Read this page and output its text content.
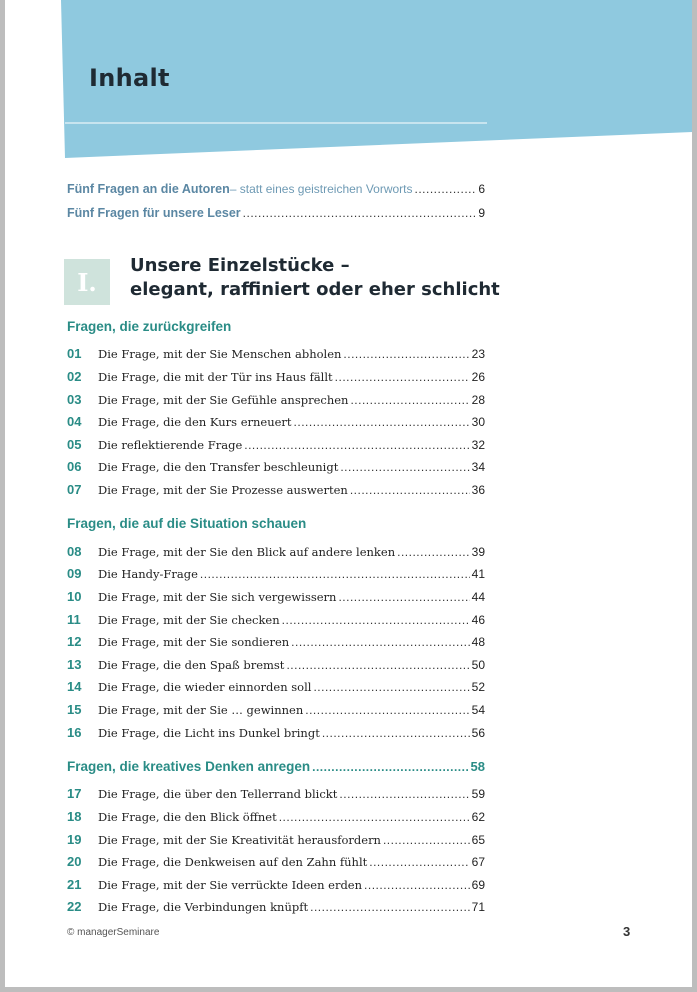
Inhalt
Fünf Fragen an die Autoren – statt eines geistreichen Vorworts .....	6
Fünf Fragen für unsere Leser .....	9
I.
Unsere Einzelstücke –
elegant, raffiniert oder eher schlicht
Fragen, die zurückgreifen
01	Die Frage, mit der Sie Menschen abholen .....	23
02	Die Frage, die mit der Tür ins Haus fällt .....	26
03	Die Frage, mit der Sie Gefühle ansprechen .....	28
04	Die Frage, die den Kurs erneuert .....	30
05	Die reflektierende Frage .....	32
06	Die Frage, die den Transfer beschleunigt .....	34
07	Die Frage, mit der Sie Prozesse auswerten .....	36
Fragen, die auf die Situation schauen
08	Die Frage, mit der Sie den Blick auf andere lenken .....	39
09	Die Handy-Frage .....	41
10	Die Frage, mit der Sie sich vergewissern .....	44
11	Die Frage, mit der Sie checken .....	46
12	Die Frage, mit der Sie sondieren .....	48
13	Die Frage, die den Spaß bremst .....	50
14	Die Frage, die wieder einnorden soll .....	52
15	Die Frage, mit der Sie … gewinnen .....	54
16	Die Frage, die Licht ins Dunkel bringt .....	56
Fragen, die kreatives Denken anregen .....	58
17	Die Frage, die über den Tellerrand blickt .....	59
18	Die Frage, die den Blick öffnet .....	62
19	Die Frage, mit der Sie Kreativität herausfordern .....	65
20	Die Frage, die Denkweisen auf den Zahn fühlt .....	67
21	Die Frage, mit der Sie verrückte Ideen erden .....	69
22	Die Frage, die Verbindungen knüpft .....	71
© managerSeminare	3
